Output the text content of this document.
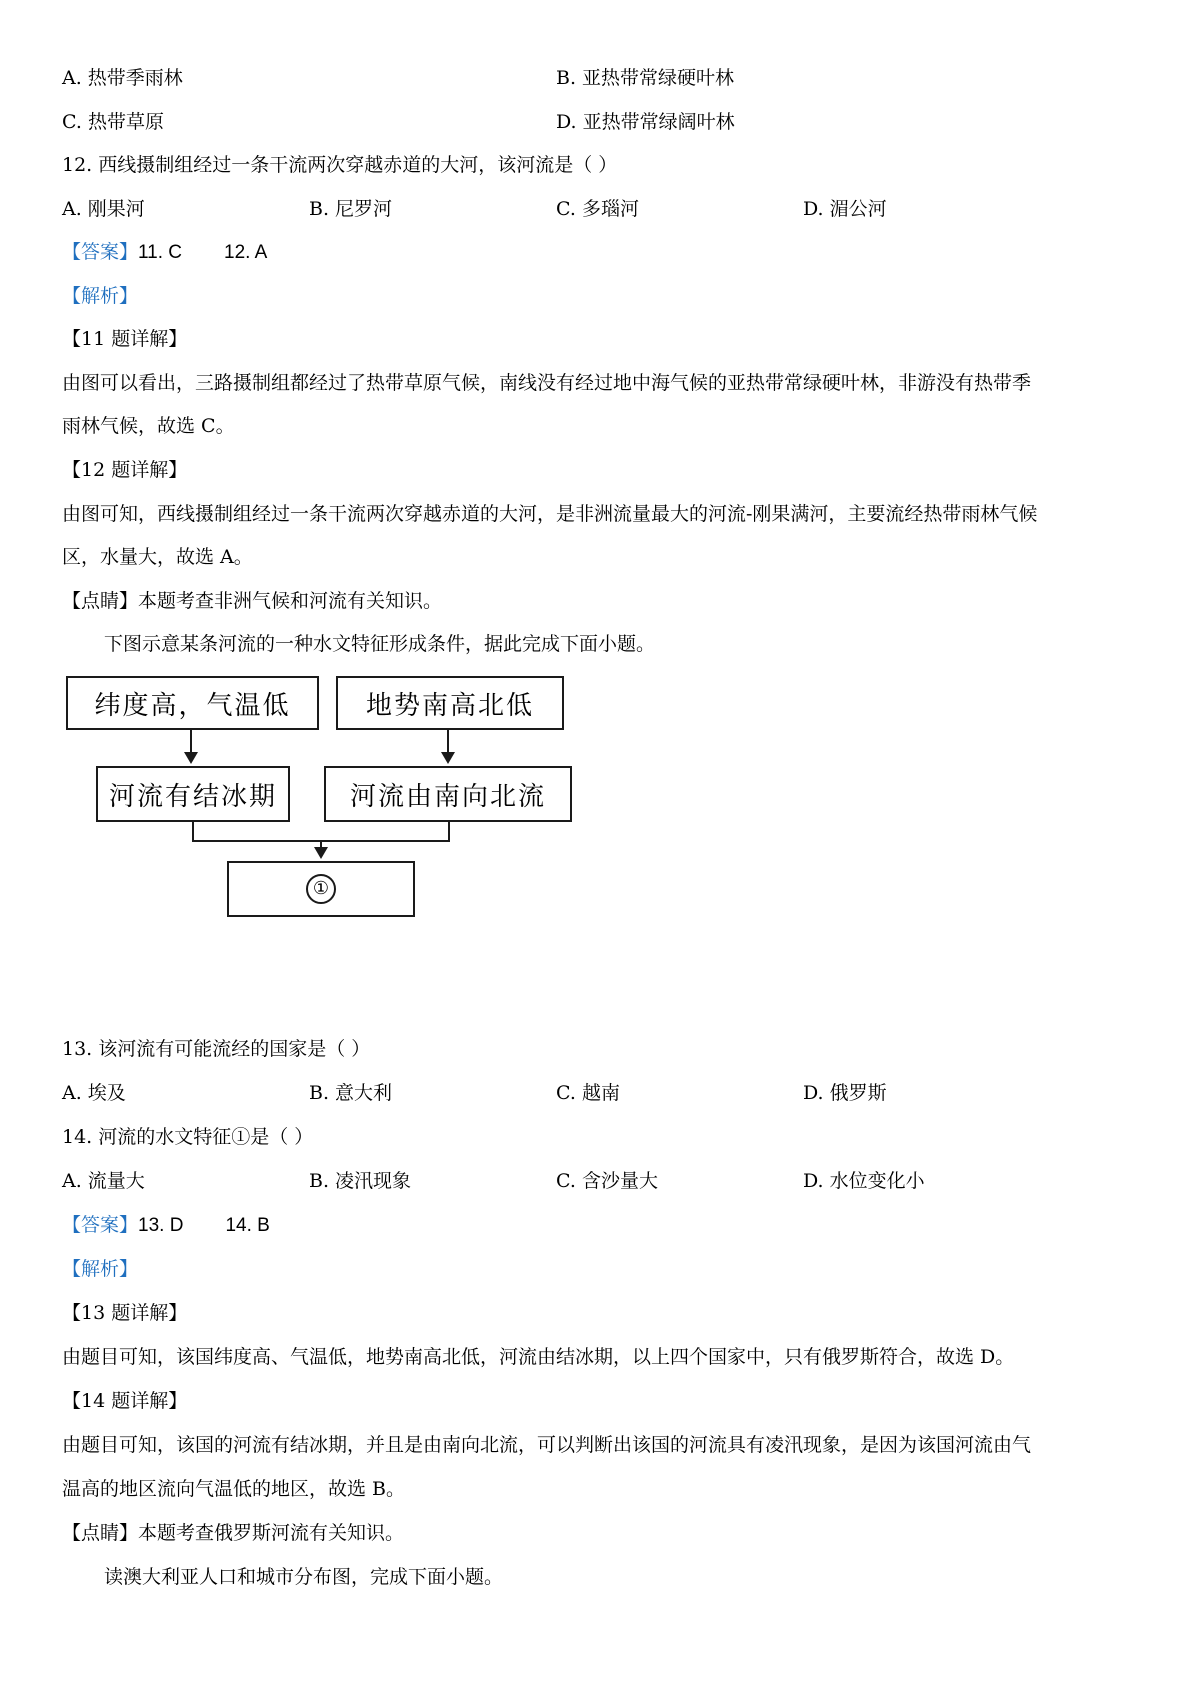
A. 热带季雨林	B. 亚热带常绿硬叶林
C. 热带草原	D. 亚热带常绿阔叶林
12. 西线摄制组经过一条干流两次穿越赤道的大河，该河流是（ ）
A. 刚果河	B. 尼罗河	C. 多瑙河	D. 湄公河
【答案】11. C 12. A
【解析】
【11 题详解】
由图可以看出，三路摄制组都经过了热带草原气候，南线没有经过地中海气候的亚热带常绿硬叶林，非游没有热带季
雨林气候，故选 C。
【12 题详解】
由图可知，西线摄制组经过一条干流两次穿越赤道的大河，是非洲流量最大的河流-刚果满河，主要流经热带雨林气候
区，水量大，故选 A。
【点睛】本题考查非洲气候和河流有关知识。
下图示意某条河流的一种水文特征形成条件，据此完成下面小题。
纬度高，气温低	地势南高北低
河流有结冰期	河流由南向北流
①
13. 该河流有可能流经的国家是（ ）
A. 埃及	B. 意大利	C. 越南	D. 俄罗斯
14. 河流的水文特征①是（ ）
A. 流量大	B. 凌汛现象	C. 含沙量大	D. 水位变化小
【答案】13. D 14. B
【解析】
【13 题详解】
由题目可知，该国纬度高、气温低，地势南高北低，河流由结冰期，以上四个国家中，只有俄罗斯符合，故选 D。
【14 题详解】
由题目可知，该国的河流有结冰期，并且是由南向北流，可以判断出该国的河流具有凌汛现象，是因为该国河流由气
温高的地区流向气温低的地区，故选 B。
【点睛】本题考查俄罗斯河流有关知识。
读澳大利亚人口和城市分布图，完成下面小题。
